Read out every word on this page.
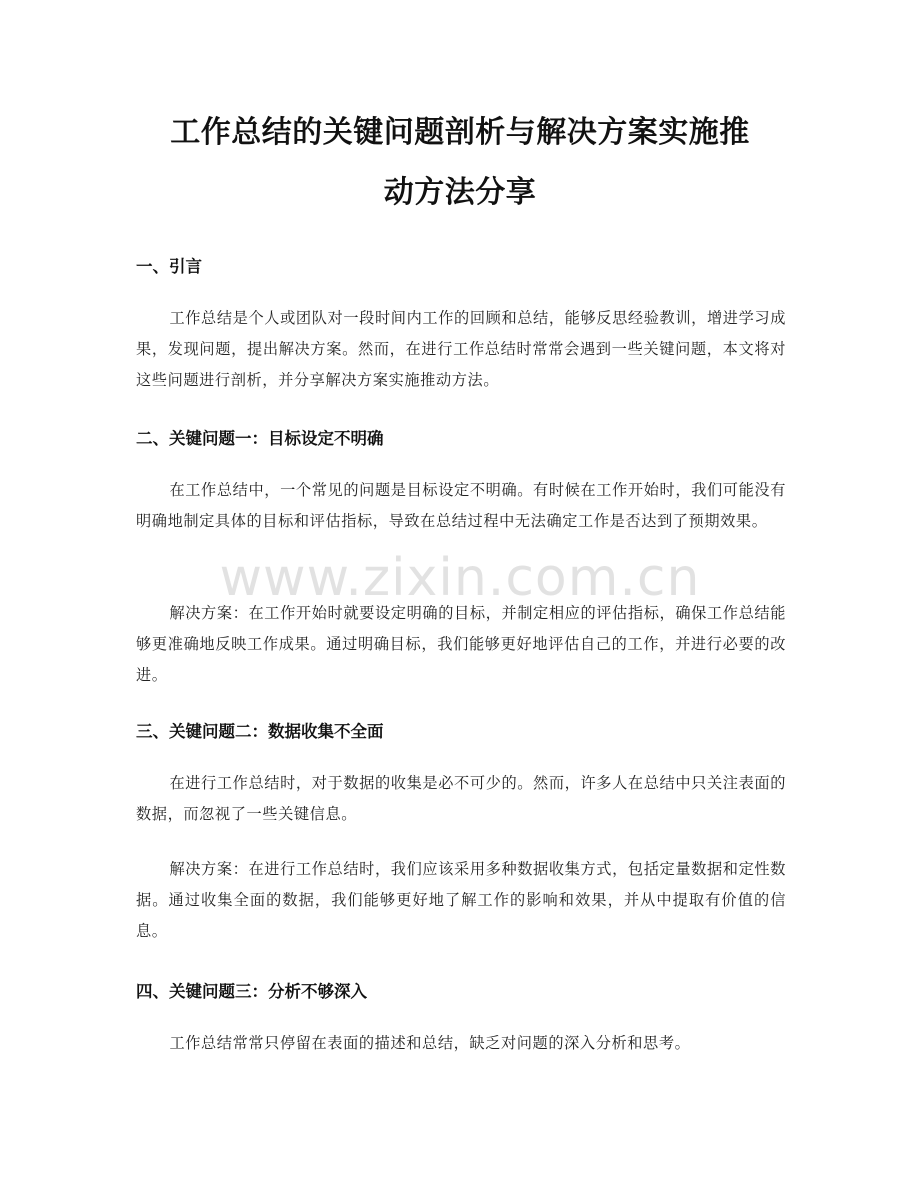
工作总结的关键问题剖析与解决方案实施推
动方法分享
一、引言
工作总结是个人或团队对一段时间内工作的回顾和总结，能够反思经验教训，增进学习成果，发现问题，提出解决方案。然而，在进行工作总结时常常会遇到一些关键问题，本文将对这些问题进行剖析，并分享解决方案实施推动方法。
二、关键问题一：目标设定不明确
在工作总结中，一个常见的问题是目标设定不明确。有时候在工作开始时，我们可能没有明确地制定具体的目标和评估指标，导致在总结过程中无法确定工作是否达到了预期效果。
解决方案：在工作开始时就要设定明确的目标，并制定相应的评估指标，确保工作总结能够更准确地反映工作成果。通过明确目标，我们能够更好地评估自己的工作，并进行必要的改进。
三、关键问题二：数据收集不全面
在进行工作总结时，对于数据的收集是必不可少的。然而，许多人在总结中只关注表面的数据，而忽视了一些关键信息。
解决方案：在进行工作总结时，我们应该采用多种数据收集方式，包括定量数据和定性数据。通过收集全面的数据，我们能够更好地了解工作的影响和效果，并从中提取有价值的信息。
四、关键问题三：分析不够深入
工作总结常常只停留在表面的描述和总结，缺乏对问题的深入分析和思考。
www.zixin.com.cn
